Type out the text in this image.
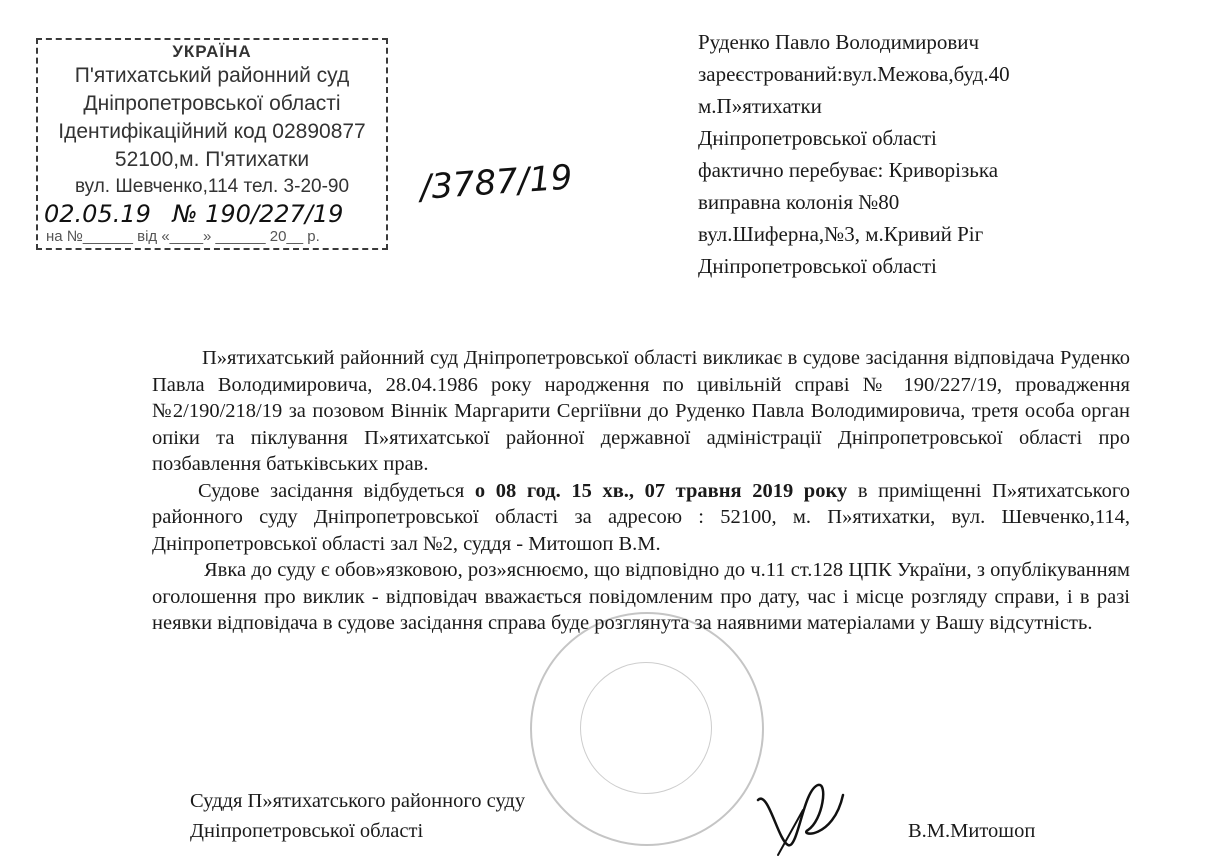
УКРАЇНА
П'ятихатський районний суд
Дніпропетровської області
Ідентифікаційний код 02890877
52100,м. П'ятихатки
вул. Шевченко,114 тел. 3-20-90
02.05.19 № 190/227/19
на №______ від «____» ______ 20__ р.
/3787/19
Руденко Павло Володимирович
зареєстрований:вул.Межова,буд.40
м.П»ятихатки
Дніпропетровської області
фактично перебуває: Криворізька
виправна колонія №80
вул.Шиферна,№3, м.Кривий Ріг
Дніпропетровської області

П»ятихатський районний суд Дніпропетровської області викликає в судове засідання відповідача Руденко Павла Володимировича, 28.04.1986 року народження по цивільній справі № 190/227/19, провадження №2/190/218/19 за позовом Віннік Маргарити Сергіївни до Руденко Павла Володимировича, третя особа орган опіки та піклування П»ятихатської районної державної адміністрації Дніпропетровської області про позбавлення батьківських прав.

Судове засідання відбудеться о 08 год. 15 хв., 07 травня 2019 року в приміщенні П»ятихатського районного суду Дніпропетровської області за адресою : 52100, м. П»ятихатки, вул. Шевченко,114, Дніпропетровської області зал №2, суддя - Митошоп В.М.

Явка до суду є обов»язковою, роз»яснюємо, що відповідно до ч.11 ст.128 ЦПК України, з опублікуванням оголошення про виклик - відповідач вважається повідомленим про дату, час і місце розгляду справи, і в разі неявки відповідача в судове засідання справа буде розглянута за наявними матеріалами у Вашу відсутність.

Суддя П»ятихатського районного суду
Дніпропетровської області	В.М.Митошоп
